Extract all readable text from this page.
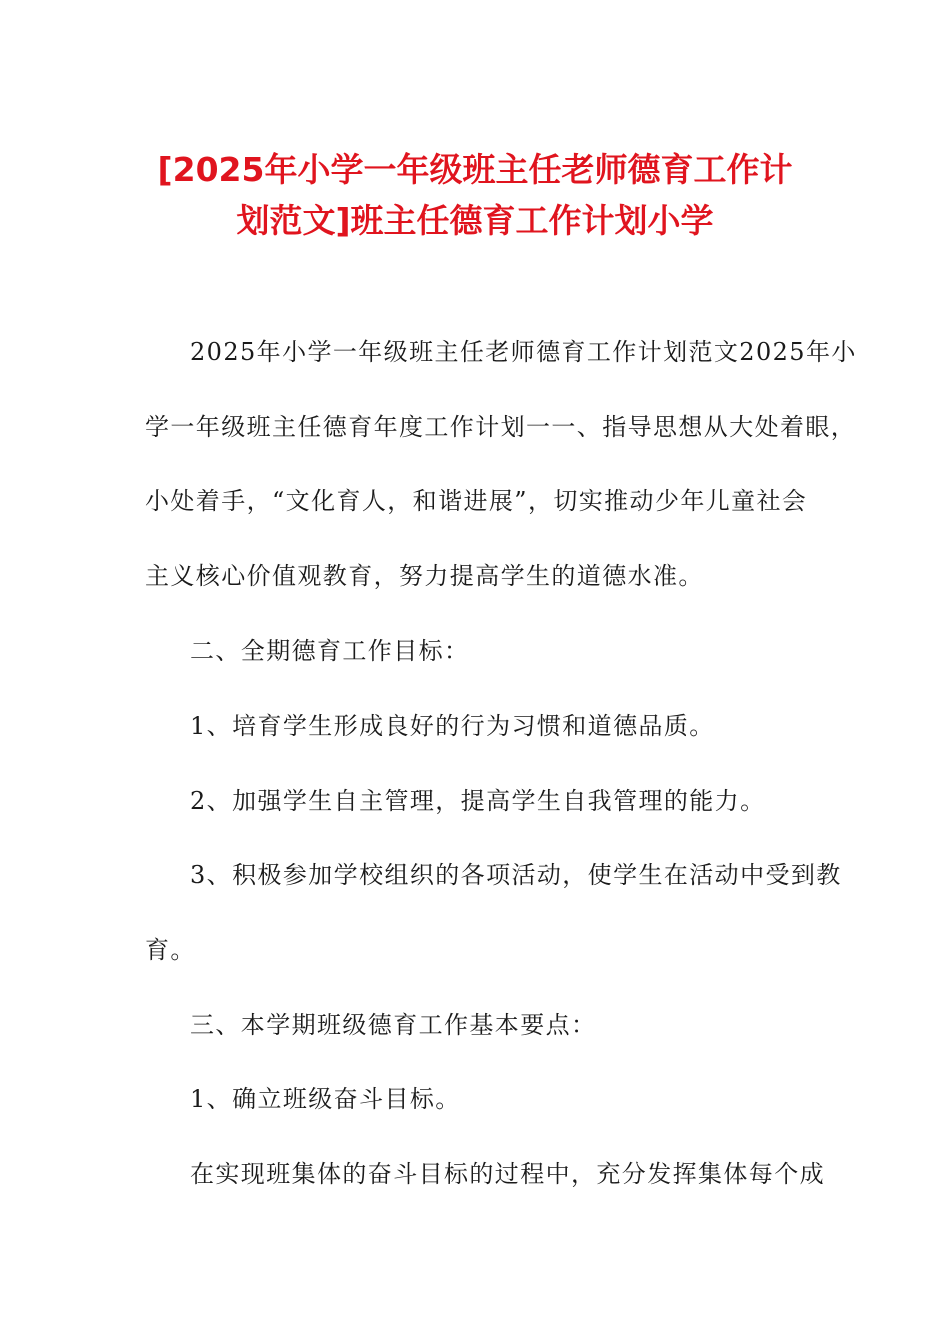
[2025年小学一年级班主任老师德育工作计
划范文]班主任德育工作计划小学

2025年小学一年级班主任老师德育工作计划范文2025年小

学一年级班主任德育年度工作计划一一、指导思想从大处着眼，

小处着手，“文化育人，和谐进展”，切实推动少年儿童社会

主义核心价值观教育，努力提高学生的道德水准。

二、全期德育工作目标：

1、培育学生形成良好的行为习惯和道德品质。

2、加强学生自主管理，提高学生自我管理的能力。

3、积极参加学校组织的各项活动，使学生在活动中受到教

育。

三、本学期班级德育工作基本要点：

1、确立班级奋斗目标。

在实现班集体的奋斗目标的过程中，充分发挥集体每个成
